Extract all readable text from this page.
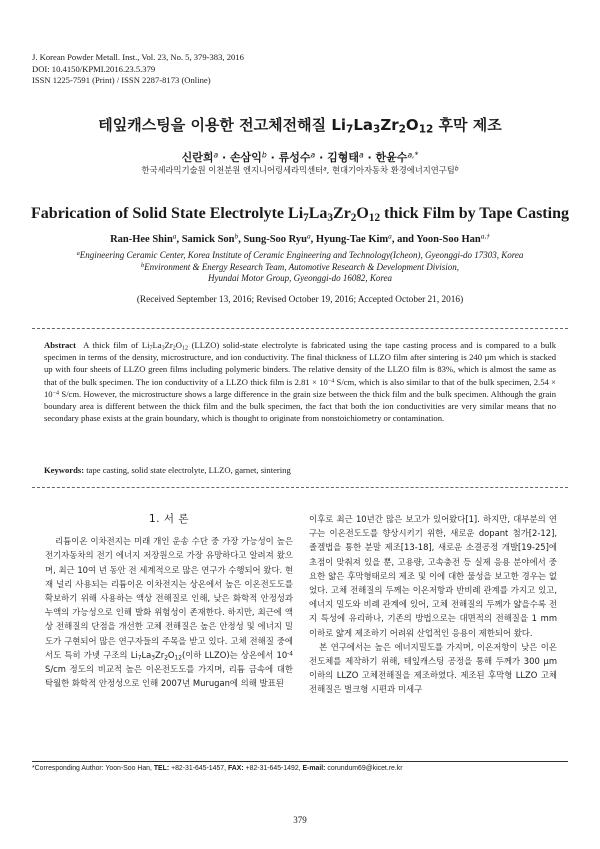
J. Korean Powder Metall. Inst., Vol. 23, No. 5, 379-383, 2016
DOI: 10.4150/KPMI.2016.23.5.379
ISSN 1225-7591 (Print) / ISSN 2287-8173 (Online)
테잎캐스팅을 이용한 전고체전해질 $Li_7La_3Zr_2O_{12}$ 후막 제조
신란희$^a$ · 손삼익$^b$ · 류성수$^a$ · 김형태$^a$ · 한윤수$^{a,*}$
한국세라믹기술원 이천분원 엔지니어링세라믹센터$^a$, 현대기아자동차 환경에너지연구팀$^b$
Fabrication of Solid State Electrolyte $Li_7La_3Zr_2O_{12}$ thick Film by Tape Casting
Ran-Hee Shin$^a$, Samick Son$^b$, Sung-Soo Ryu$^a$, Hyung-Tae Kim$^a$, and Yoon-Soo Han$^{a,\dagger}$
$^a$Engineering Ceramic Center, Korea Institute of Ceramic Engineering and Technology(Icheon), Gyeonggi-do 17303, Korea
$^b$Environment & Energy Research Team, Automotive Research & Development Division,
Hyundai Motor Group, Gyeonggi-do 16082, Korea
(Received September 13, 2016; Revised October 19, 2016; Accepted October 21, 2016)
Abstract A thick film of $Li_7La_3Zr_2O_{12}$ (LLZO) solid-state electrolyte is fabricated using the tape casting process and is compared to a bulk specimen in terms of the density, microstructure, and ion conductivity. The final thickness of LLZO film after sintering is 240 µm which is stacked up with four sheets of LLZO green films including polymeric binders. The relative density of the LLZO film is 83%, which is almost the same as that of the bulk specimen. The ion conductivity of a LLZO thick film is $2.81 \times 10^{-4}$ S/cm, which is also similar to that of the bulk specimen, $2.54 \times 10^{-4}$ S/cm. However, the microstructure shows a large difference in the grain size between the thick film and the bulk specimen. Although the grain boundary area is different between the thick film and the bulk specimen, the fact that both the ion conductivities are very similar means that no secondary phase exists at the grain boundary, which is thought to originate from nonstoichiometry or contamination.
Keywords: tape casting, solid state electrolyte, LLZO, garnet, sintering
1. 서 론

리튬이온 이차전지는 미래 개인 운송 수단 중 가장 가능성이 높은 전기자동차의 전기 에너지 저장원으로 가장 유망하다고 알려져 왔으며, 최근 10여 년 동안 전 세계적으로 많은 연구가 수행되어 왔다. 현재 널리 사용되는 리튬이온 이차전지는 상온에서 높은 이온전도도를 확보하기 위해 사용하는 액상 전해질로 인해, 낮은 화학적 안정성과 누액의 가능성으로 인해 발화 위험성이 존재한다. 하지만, 최근에 액상 전해질의 단점을 개선한 고체 전해질은 높은 안정성 및 에너지 밀도가 구현되어 많은 연구자들의 주목을 받고 있다. 고체 전해질 중에서도 특히 가넷 구조의 $Li_7La_3Zr_2O_{12}$(이하 LLZO)는 상온에서 $10^{-4}$ S/cm 정도의 비교적 높은 이온전도도를 가지며, 리튬 금속에 대한 탁월한 화학적 안정성으로 인해 2007년 Murugan에 의해 발표된

이후로 최근 10년간 많은 보고가 있어왔다[1]. 하지만, 대부분의 연구는 이온전도도를 향상시키기 위한, 새로운 dopant 첨가[2-12], 졸겔법을 통한 분말 제조[13-18], 새로운 소결공정 개발[19-25]에 초점이 맞춰져 있을 뿐, 고용량, 고속충전 등 실제 응용 분야에서 중요한 얇은 후막형태로의 제조 및 이에 대한 물성을 보고한 경우는 없었다. 고체 전해질의 두께는 이온저항과 반비례 관계를 가지고 있고, 에너지 밀도와 비례 관계에 있어, 고체 전해질의 두께가 얇을수록 전지 특성에 유리하나, 기존의 방법으로는 대면적의 전해질을 1 mm 이하로 얇게 제조하기 어려워 산업적인 응용이 제한되어 왔다.

본 연구에서는 높은 에너지밀도를 가지며, 이온저항이 낮은 이온전도체를 제작하기 위해, 테잎캐스팅 공정을 통해 두께가 300 µm 이하의 LLZO 고체전해질을 제조하였다. 제조된 후막형 LLZO 고체전해질은 벌크형 시편과 미세구

*Corresponding Author: Yoon-Soo Han, TEL: +82-31-645-1457, FAX: +82-31-645-1492, E-mail: corundum69@kicet.re.kr
379
